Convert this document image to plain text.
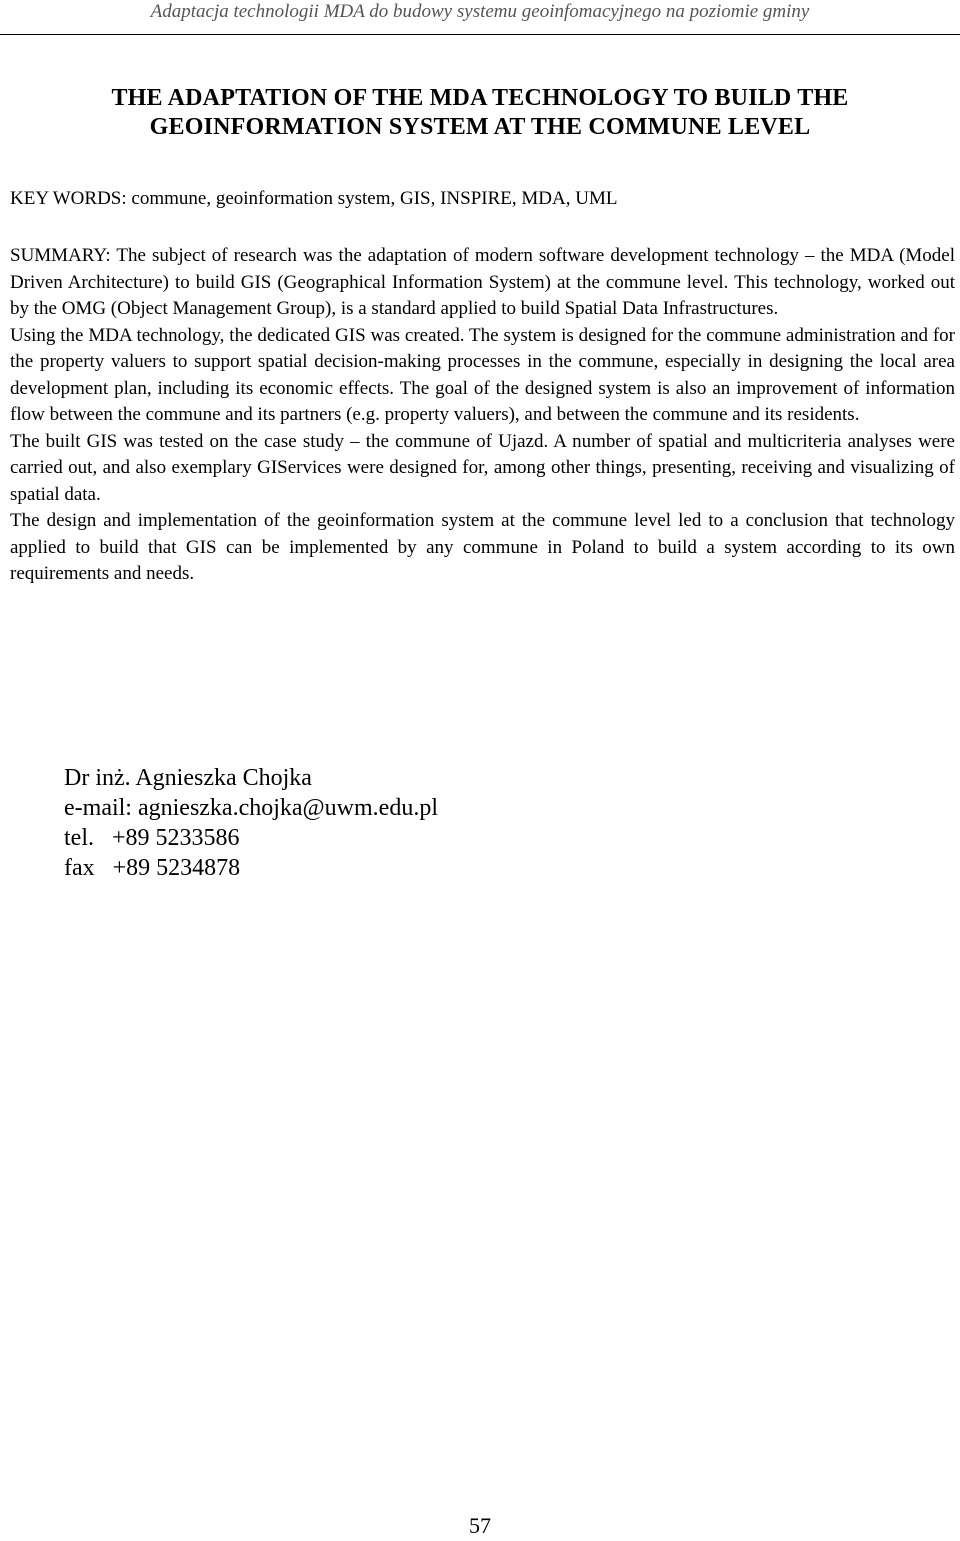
Adaptacja technologii MDA do budowy systemu geoinfomacyjnego na poziomie gminy
THE ADAPTATION OF THE MDA TECHNOLOGY TO BUILD THE
GEOINFORMATION SYSTEM AT THE COMMUNE LEVEL
KEY WORDS: commune, geoinformation system, GIS, INSPIRE, MDA, UML

SUMMARY: The subject of research was the adaptation of modern software development technology – the MDA (Model Driven Architecture) to build GIS (Geographical Information System) at the commune level. This technology, worked out by the OMG (Object Management Group), is a standard applied to build Spatial Data Infrastructures.

Using the MDA technology, the dedicated GIS was created. The system is designed for the commune administration and for the property valuers to support spatial decision-making processes in the commune, especially in designing the local area development plan, including its economic effects. The goal of the designed system is also an improvement of information flow between the commune and its partners (e.g. property valuers), and between the commune and its residents.

The built GIS was tested on the case study – the commune of Ujazd. A number of spatial and multicriteria analyses were carried out, and also exemplary GIServices were designed for, among other things, presenting, receiving and visualizing of spatial data.

The design and implementation of the geoinformation system at the commune level led to a conclusion that technology applied to build that GIS can be implemented by any commune in Poland to build a system according to its own requirements and needs.

Dr inż. Agnieszka Chojka
e-mail: agnieszka.chojka@uwm.edu.pl
tel.   +89 5233586
fax   +89 5234878
57
